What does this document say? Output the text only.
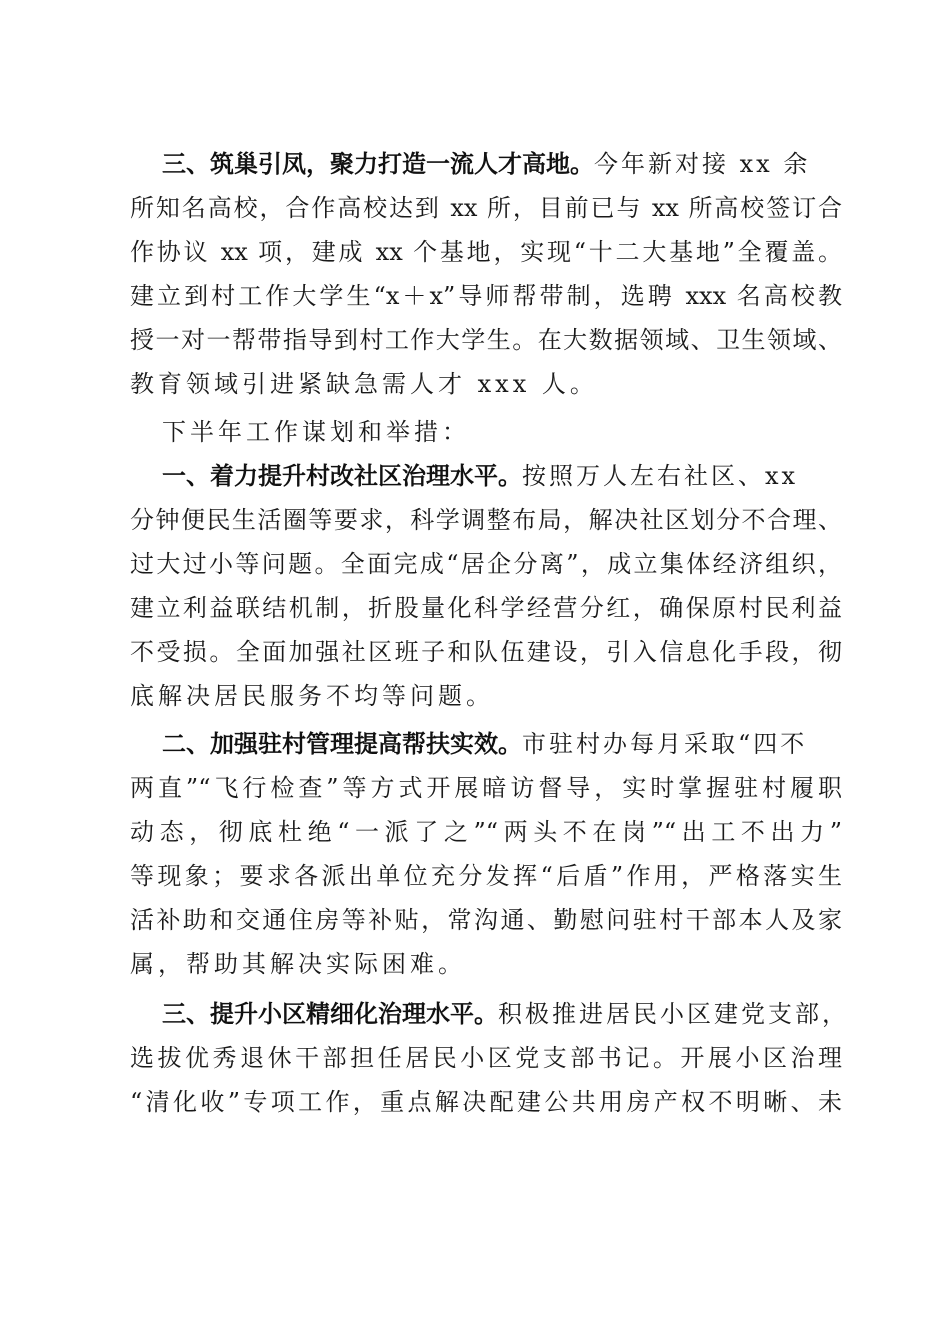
三、筑巢引凤，聚力打造一流人才高地。今年新对接 xx 余
所知名高校，合作高校达到 xx 所，目前已与 xx 所高校签订合
作协议 xx 项，建成 xx 个基地，实现“十二大基地”全覆盖。
建立到村工作大学生“x＋x”导师帮带制，选聘 xxx 名高校教
授一对一帮带指导到村工作大学生。在大数据领域、卫生领域、
教育领域引进紧缺急需人才 xxx 人。
下半年工作谋划和举措：
一、着力提升村改社区治理水平。按照万人左右社区、xx
分钟便民生活圈等要求，科学调整布局，解决社区划分不合理、
过大过小等问题。全面完成“居企分离”，成立集体经济组织，
建立利益联结机制，折股量化科学经营分红，确保原村民利益
不受损。全面加强社区班子和队伍建设，引入信息化手段，彻
底解决居民服务不均等问题。
二、加强驻村管理提高帮扶实效。市驻村办每月采取“四不
两直”“飞行检查”等方式开展暗访督导，实时掌握驻村履职
动态，彻底杜绝“一派了之”“两头不在岗”“出工不出力”
等现象；要求各派出单位充分发挥“后盾”作用，严格落实生
活补助和交通住房等补贴，常沟通、勤慰问驻村干部本人及家
属，帮助其解决实际困难。
三、提升小区精细化治理水平。积极推进居民小区建党支部，
选拔优秀退休干部担任居民小区党支部书记。开展小区治理
“清化收”专项工作，重点解决配建公共用房产权不明晰、未
